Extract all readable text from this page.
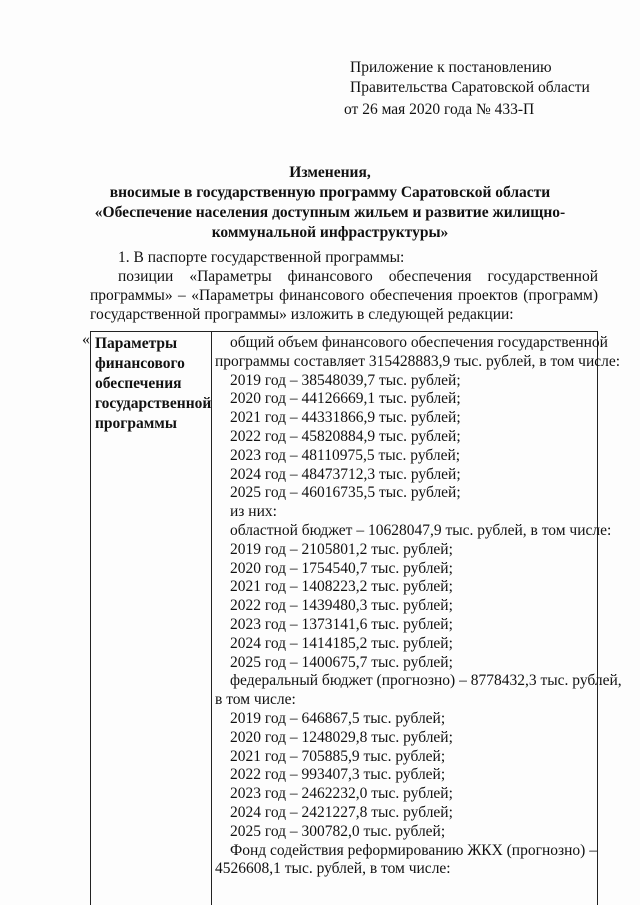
Приложение к постановлению
Правительства Саратовской области
от 26 мая 2020 года № 433-П
Изменения,
вносимые в государственную программу Саратовской области
«Обеспечение населения доступным жильем и развитие жилищно-
коммунальной инфраструктуры»
1. В паспорте государственной программы:
позиции «Параметры финансового обеспечения государственной программы» – «Параметры финансового обеспечения проектов (программ) государственной программы» изложить в следующей редакции:
« Параметры
финансового
обеспечения
государственной
программы
общий объем финансового обеспечения государственной
программы составляет 315428883,9 тыс. рублей, в том числе:
2019 год – 38548039,7 тыс. рублей;
2020 год – 44126669,1 тыс. рублей;
2021 год – 44331866,9 тыс. рублей;
2022 год – 45820884,9 тыс. рублей;
2023 год – 48110975,5 тыс. рублей;
2024 год – 48473712,3 тыс. рублей;
2025 год – 46016735,5 тыс. рублей;
из них:
областной бюджет – 10628047,9 тыс. рублей, в том числе:
2019 год – 2105801,2 тыс. рублей;
2020 год – 1754540,7 тыс. рублей;
2021 год – 1408223,2 тыс. рублей;
2022 год – 1439480,3 тыс. рублей;
2023 год – 1373141,6 тыс. рублей;
2024 год – 1414185,2 тыс. рублей;
2025 год – 1400675,7 тыс. рублей;
федеральный бюджет (прогнозно) – 8778432,3 тыс. рублей,
в том числе:
2019 год – 646867,5 тыс. рублей;
2020 год – 1248029,8 тыс. рублей;
2021 год – 705885,9 тыс. рублей;
2022 год – 993407,3 тыс. рублей;
2023 год – 2462232,0 тыс. рублей;
2024 год – 2421227,8 тыс. рублей;
2025 год – 300782,0 тыс. рублей;
Фонд содействия реформированию ЖКХ (прогнозно) –
4526608,1 тыс. рублей, в том числе:
